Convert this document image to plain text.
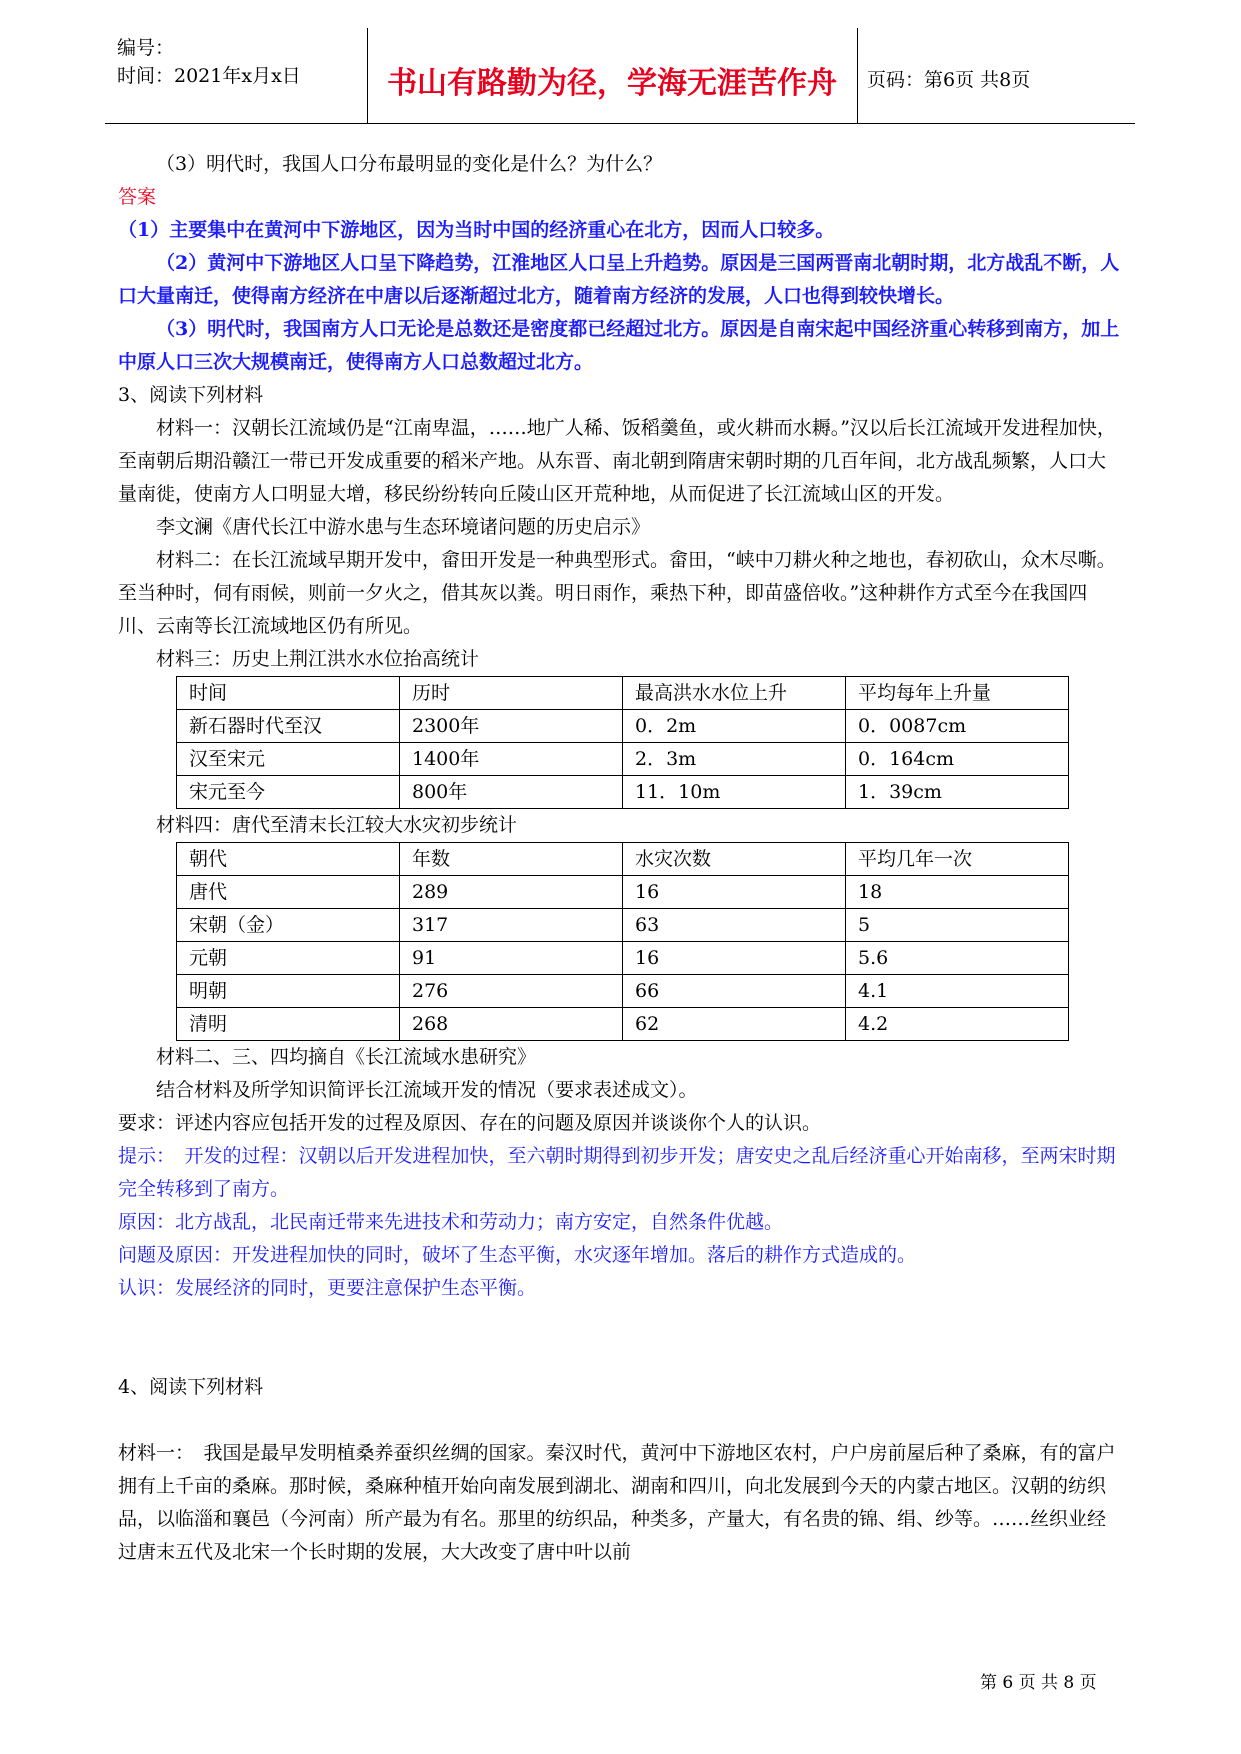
编号：
时间：2021年x月x日	书山有路勤为径，学海无涯苦作舟	页码：第6页 共8页
（3）明代时，我国人口分布最明显的变化是什么？为什么？
答案
（1）主要集中在黄河中下游地区，因为当时中国的经济重心在北方，因而人口较多。
（2）黄河中下游地区人口呈下降趋势，江淮地区人口呈上升趋势。原因是三国两晋南北朝时期，北方战乱不断，人口大量南迁，使得南方经济在中唐以后逐渐超过北方，随着南方经济的发展，人口也得到较快增长。
（3）明代时，我国南方人口无论是总数还是密度都已经超过北方。原因是自南宋起中国经济重心转移到南方，加上中原人口三次大规模南迁，使得南方人口总数超过北方。
3、阅读下列材料
材料一：汉朝长江流域仍是“江南卑温，……地广人稀、饭稻羹鱼，或火耕而水耨。”汉以后长江流域开发进程加快，至南朝后期沿赣江一带已开发成重要的稻米产地。从东晋、南北朝到隋唐宋朝时期的几百年间，北方战乱频繁，人口大量南徙，使南方人口明显大增，移民纷纷转向丘陵山区开荒种地，从而促进了长江流域山区的开发。
李文澜《唐代长江中游水患与生态环境诸问题的历史启示》
材料二：在长江流域早期开发中，畲田开发是一种典型形式。畲田，“峡中刀耕火种之地也，春初砍山，众木尽嘶。至当种时，伺有雨候，则前一夕火之，借其灰以粪。明日雨作，乘热下种，即苗盛倍收。”这种耕作方式至今在我国四川、云南等长江流域地区仍有所见。
材料三：历史上荆江洪水水位抬高统计
时间	历时	最高洪水水位上升	平均每年上升量
新石器时代至汉	2300年	0．2m	0．0087cm
汉至宋元	1400年	2．3m	0．164cm
宋元至今	800年	11．10m	1．39cm
材料四：唐代至清末长江较大水灾初步统计
朝代	年数	水灾次数	平均几年一次
唐代	289	16	18
宋朝（金）	317	63	5
元朝	91	16	5.6
明朝	276	66	4.1
清明	268	62	4.2
材料二、三、四均摘自《长江流域水患研究》
结合材料及所学知识简评长江流域开发的情况（要求表述成文）。
要求：评述内容应包括开发的过程及原因、存在的问题及原因并谈谈你个人的认识。
提示：　开发的过程：汉朝以后开发进程加快，至六朝时期得到初步开发；唐安史之乱后经济重心开始南移，至两宋时期完全转移到了南方。
原因：北方战乱，北民南迁带来先进技术和劳动力；南方安定，自然条件优越。
问题及原因：开发进程加快的同时，破坏了生态平衡，水灾逐年增加。落后的耕作方式造成的。
认识：发展经济的同时，更要注意保护生态平衡。
4、阅读下列材料
材料一：　我国是最早发明植桑养蚕织丝绸的国家。秦汉时代，黄河中下游地区农村，户户房前屋后种了桑麻，有的富户拥有上千亩的桑麻。那时候，桑麻种植开始向南发展到湖北、湖南和四川，向北发展到今天的内蒙古地区。汉朝的纺织品，以临淄和襄邑（今河南）所产最为有名。那里的纺织品，种类多，产量大，有名贵的锦、绢、纱等。……丝织业经过唐末五代及北宋一个长时期的发展，大大改变了唐中叶以前
第 6 页 共 8 页
